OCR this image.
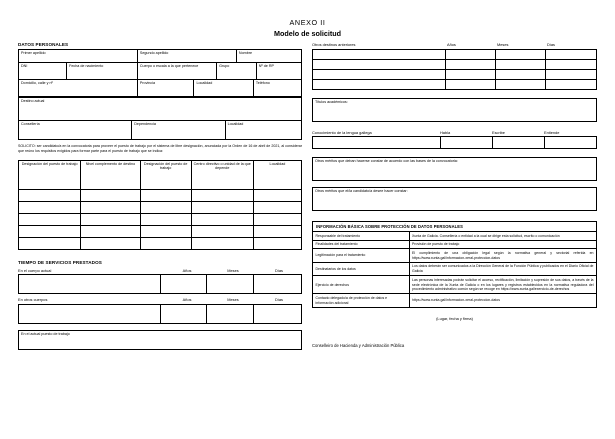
ANEXO II
Modelo de solicitud
DATOS PERSONALES
Primer apellido	Segundo apellido	Nombre
DNI	Fecha de nacimiento	Cuerpo o escala a la que pertenece	Grupo	Nº de RP
Domicilio, calle y nº	Provincia	Localidad	Teléfono
Destino actual
Consellería	Dependencia	Localidad
SOLICITO: ser candidato/a en la convocatoria para proveer el puesto de trabajo por el sistema de libre designación, anunciada por la Orden de 16 de abril de 2021, al considerar que reúno los requisitos exigidos para formar parte para el puesto de trabajo que se indica:
Designación del puesto de trabajo	Nivel complemento de destino	Designación del puesto de trabajo	Centro directivo o unidad de la que depende	Localidad

TIEMPO DE SERVICIOS PRESTADOS
En el cuerpo actual	Años	Meses	Días

En otros cuerpos	Años	Meses	Días

En el actual puesto de trabajo
Otros destinos anteriores	Años	Meses	Días

Títulos académicos:
Conocimiento de la lengua gallega	Habla	Escribe	Entiende

Otros méritos que deban hacerse constar de acuerdo con las bases de la convocatoria:
Otros méritos que el/la candidato/a desee hacer constar:
INFORMACIÓN BÁSICA SOBRE PROTECCIÓN DE DATOS PERSONALES
Responsable del tratamiento	Xunta de Galicia. Consellería o entidad a la cual se dirige esta solicitud, escrito o comunicación
Finalidades del tratamiento	Provisión de puesto de trabajo
Legitimación para el tratamiento	El cumplimiento de una obligación legal según la normativa general y sectorial referida en https://www.xunta.gal/informacion-xeral-proteccion-datos
Destinatarios de los datos	Los datos deberán ser comunicados a la Dirección General de la Función Pública y publicados en el Diario Oficial de Galicia
Ejercicio de derechos	Las personas interesadas podrán solicitar el acceso, rectificación, limitación y supresión de sus datos, a través de la sede electrónica de la Xunta de Galicia o en los lugares y registros establecidos en la normativa reguladora del procedimiento administrativo común según se recoge en https://www.xunta.gal/exercicio-de-derechos
Contacto delegado/a de protección de datos e información adicional	https://www.xunta.gal/informacion-xeral-proteccion-datos
(Lugar, fecha y firma)
Conselleiro de Hacienda y Administración Pública
